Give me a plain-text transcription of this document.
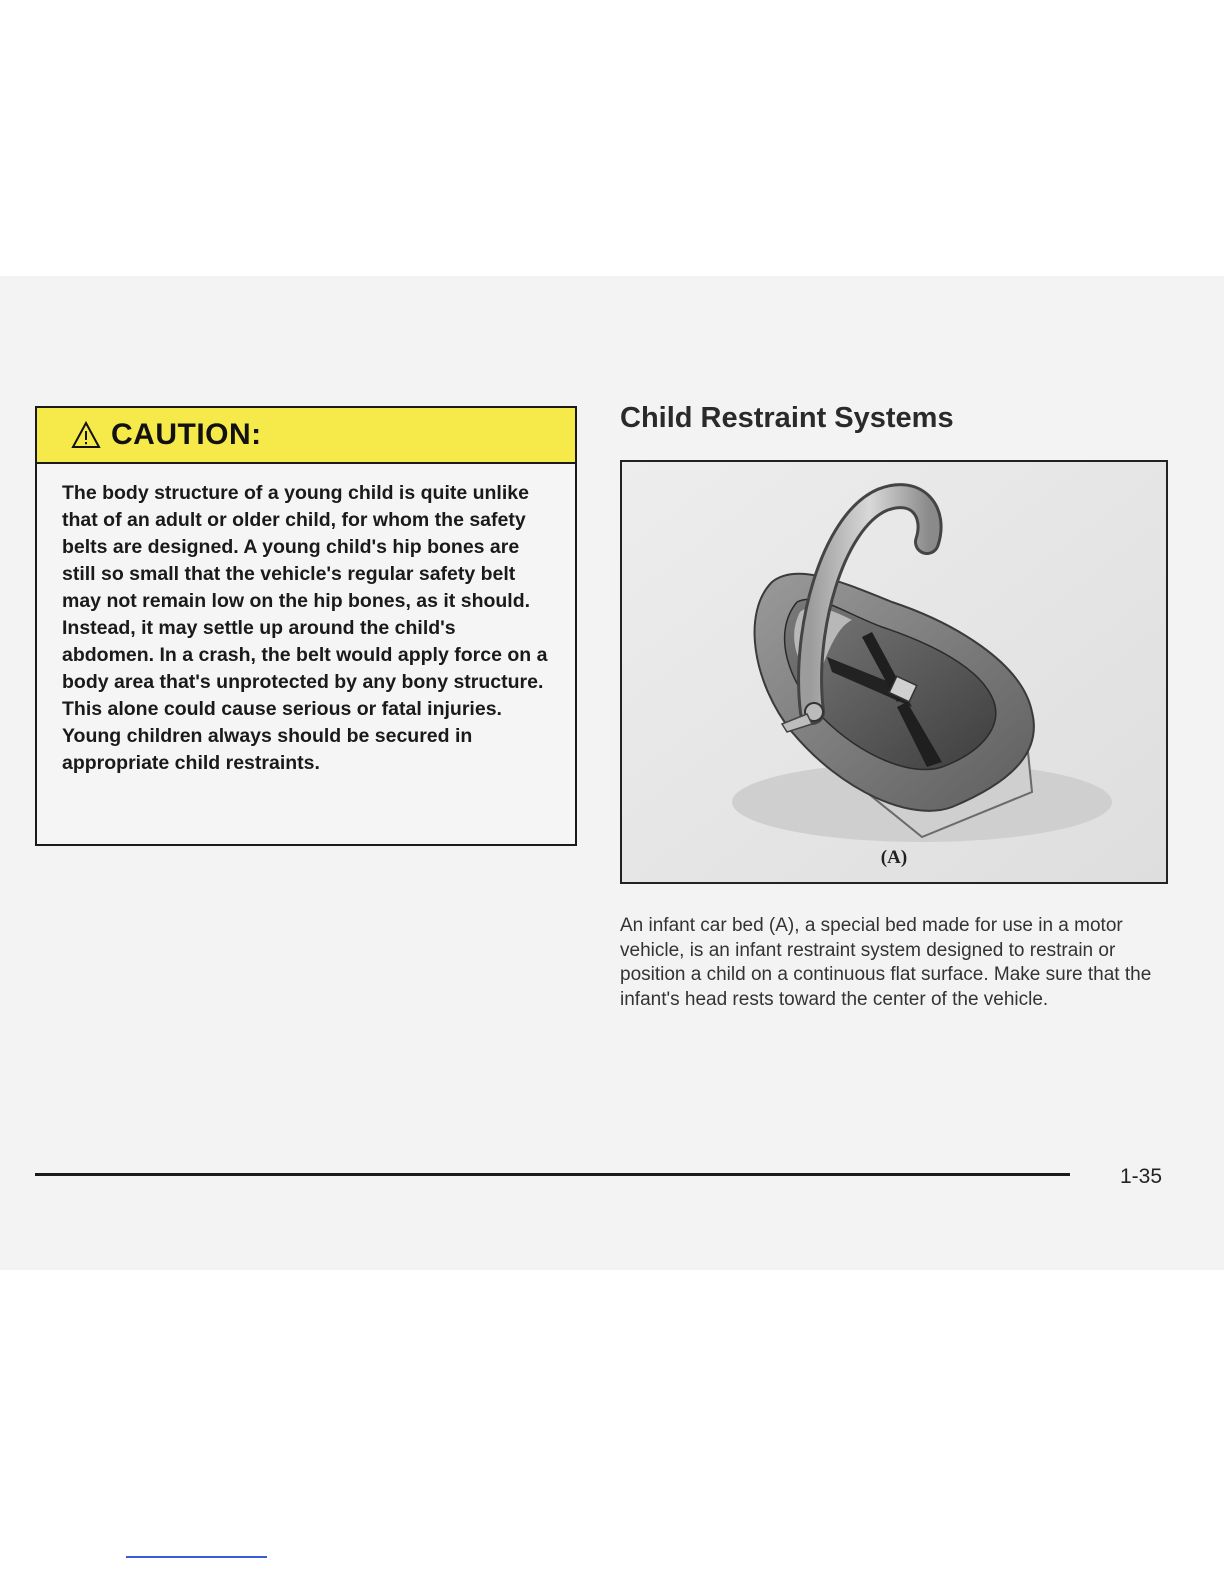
CAUTION:

The body structure of a young child is quite unlike that of an adult or older child, for whom the safety belts are designed. A young child's hip bones are still so small that the vehicle's regular safety belt may not remain low on the hip bones, as it should. Instead, it may settle up around the child's abdomen. In a crash, the belt would apply force on a body area that's unprotected by any bony structure. This alone could cause serious or fatal injuries. Young children always should be secured in appropriate child restraints.

Child Restraint Systems
(A)

An infant car bed (A), a special bed made for use in a motor vehicle, is an infant restraint system designed to restrain or position a child on a continuous flat surface. Make sure that the infant's head rests toward the center of the vehicle.

1-35
